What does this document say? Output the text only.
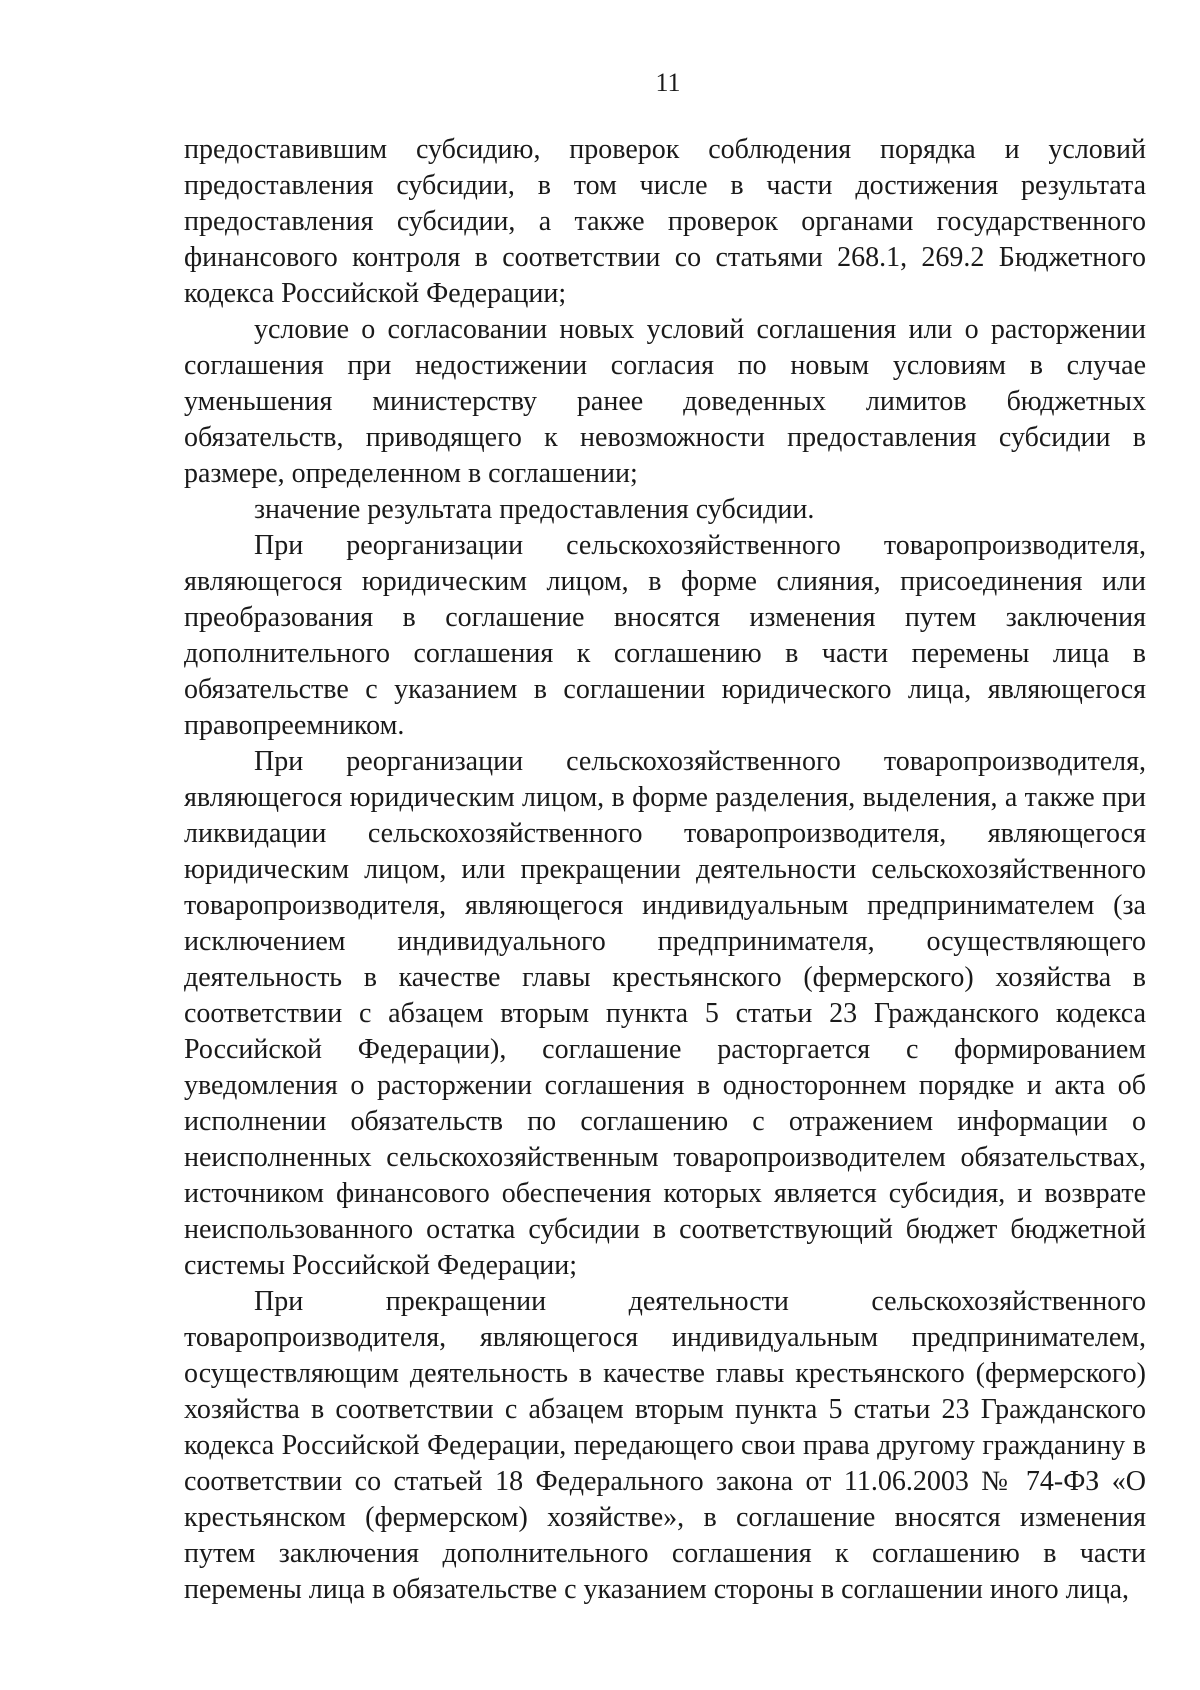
11

предоставившим субсидию, проверок соблюдения порядка и условий предоставления субсидии, в том числе в части достижения результата предоставления субсидии, а также проверок органами государственного финансового контроля в соответствии со статьями 268.1, 269.2 Бюджетного кодекса Российской Федерации;

условие о согласовании новых условий соглашения или о расторжении соглашения при недостижении согласия по новым условиям в случае уменьшения министерству ранее доведенных лимитов бюджетных обязательств, приводящего к невозможности предоставления субсидии в размере, определенном в соглашении;

значение результата предоставления субсидии.

При реорганизации сельскохозяйственного товаропроизводителя, являющегося юридическим лицом, в форме слияния, присоединения или преобразования в соглашение вносятся изменения путем заключения дополнительного соглашения к соглашению в части перемены лица в обязательстве с указанием в соглашении юридического лица, являющегося правопреемником.

При реорганизации сельскохозяйственного товаропроизводителя, являющегося юридическим лицом, в форме разделения, выделения, а также при ликвидации сельскохозяйственного товаропроизводителя, являющегося юридическим лицом, или прекращении деятельности сельскохозяйственного товаропроизводителя, являющегося индивидуальным предпринимателем (за исключением индивидуального предпринимателя, осуществляющего деятельность в качестве главы крестьянского (фермерского) хозяйства в соответствии с абзацем вторым пункта 5 статьи 23 Гражданского кодекса Российской Федерации), соглашение расторгается с формированием уведомления о расторжении соглашения в одностороннем порядке и акта об исполнении обязательств по соглашению с отражением информации о неисполненных сельскохозяйственным товаропроизводителем обязательствах, источником финансового обеспечения которых является субсидия, и возврате неиспользованного остатка субсидии в соответствующий бюджет бюджетной системы Российской Федерации;

При прекращении деятельности сельскохозяйственного товаропроизводителя, являющегося индивидуальным предпринимателем, осуществляющим деятельность в качестве главы крестьянского (фермерского) хозяйства в соответствии с абзацем вторым пункта 5 статьи 23 Гражданского кодекса Российской Федерации, передающего свои права другому гражданину в соответствии со статьей 18 Федерального закона от 11.06.2003 № 74-ФЗ «О крестьянском (фермерском) хозяйстве», в соглашение вносятся изменения путем заключения дополнительного соглашения к соглашению в части перемены лица в обязательстве с указанием стороны в соглашении иного лица,
